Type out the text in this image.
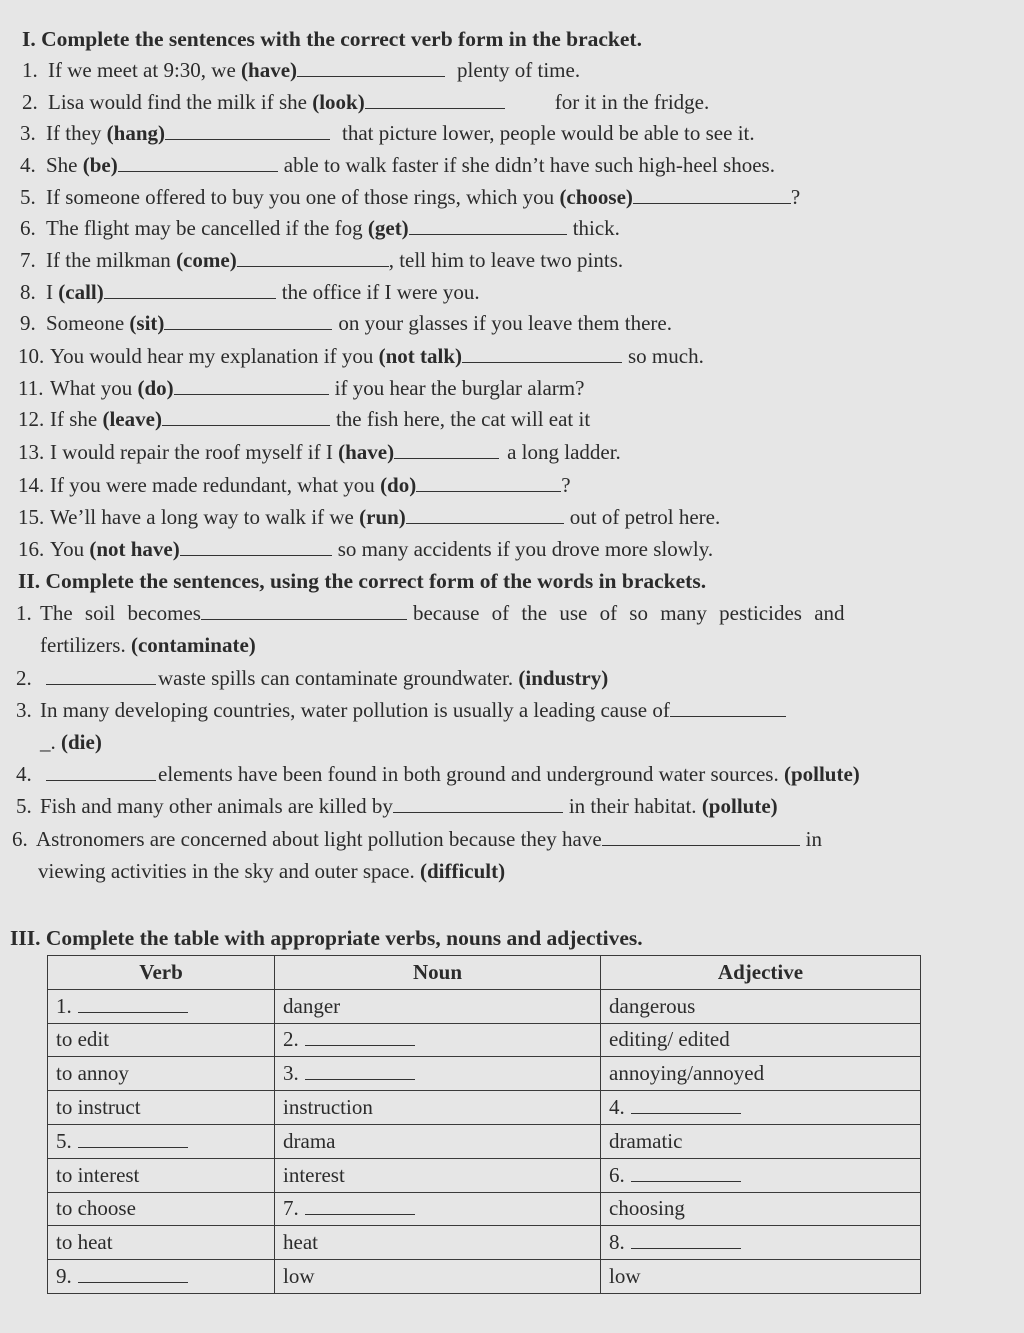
I. Complete the sentences with the correct verb form in the bracket.
1. If we meet at 9:30, we (have)	plenty of time.
2. Lisa would find the milk if she (look)	for it in the fridge.
3. If they (hang)	that picture lower, people would be able to see it.
4. She (be)	able to walk faster if she didn’t have such high-heel shoes.
5. If someone offered to buy you one of those rings, which you (choose)	?
6. The flight may be cancelled if the fog (get)	thick.
7. If the milkman (come)	, tell him to leave two pints.
8. I (call)	the office if I were you.
9. Someone (sit)	on your glasses if you leave them there.
10. You would hear my explanation if you (not talk)	so much.
11. What you (do)	if you hear the burglar alarm?
12. If she (leave)	the fish here, the cat will eat it
13. I would repair the roof myself if I (have)	a long ladder.
14. If you were made redundant, what you (do)	?
15. We’ll have a long way to walk if we (run)	out of petrol here.
16. You (not have)	so many accidents if you drove more slowly.
II. Complete the sentences, using the correct form of the words in brackets.
1. The soil becomes	because of the use of so many pesticides and
fertilizers. (contaminate)
2.	waste spills can contaminate groundwater. (industry)
3. In many developing countries, water pollution is usually a leading cause of
_. (die)
4.	elements have been found in both ground and underground water sources. (pollute)
5. Fish and many other animals are killed by	in their habitat. (pollute)
6. Astronomers are concerned about light pollution because they have	in
viewing activities in the sky and outer space. (difficult)
III. Complete the table with appropriate verbs, nouns and adjectives.
Verb	Noun	Adjective
1.	danger	dangerous
to edit	2.	editing/ edited
to annoy	3.	annoying/annoyed
to instruct	instruction	4.
5.	drama	dramatic
to interest	interest	6.
to choose	7.	choosing
to heat	heat	8.
9.	low	low
